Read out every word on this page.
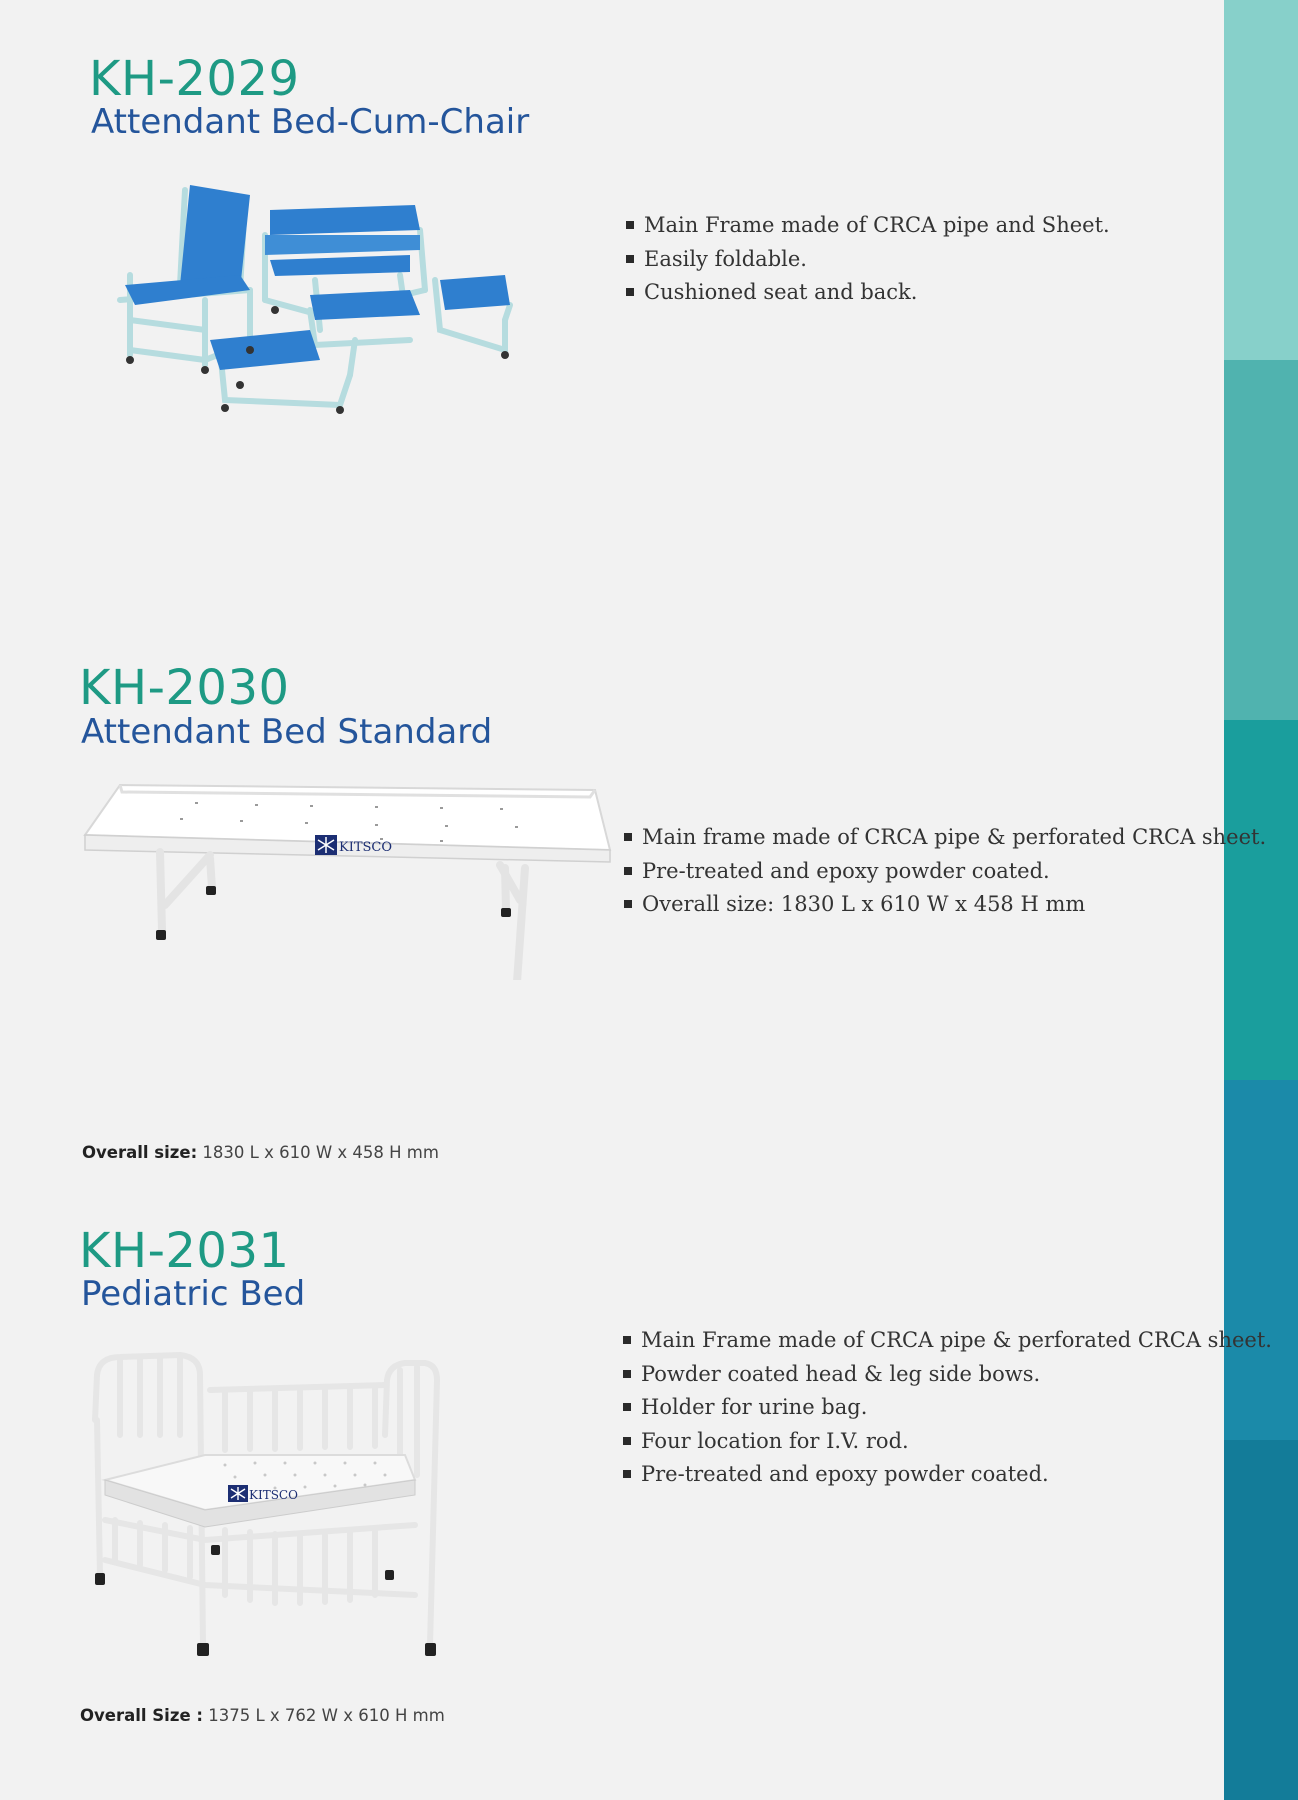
KH-2029
Attendant Bed-Cum-Chair
Main Frame made of CRCA pipe and Sheet.
Easily foldable.
Cushioned seat and back.
KH-2030
Attendant Bed Standard
KITSCO	Main frame made of CRCA pipe & perforated CRCA sheet.
Pre-treated and epoxy powder coated.
Overall size: 1830 L x 610 W x 458 H mm
Overall size: 1830 L x 610 W x 458 H mm
KH-2031
Pediatric Bed
KITSCO
Main Frame made of CRCA pipe & perforated CRCA sheet.
Powder coated head & leg side bows.
Holder for urine bag.
Four location for I.V. rod.
Pre-treated and epoxy powder coated.
Overall Size : 1375 L x 762 W x 610 H mm
